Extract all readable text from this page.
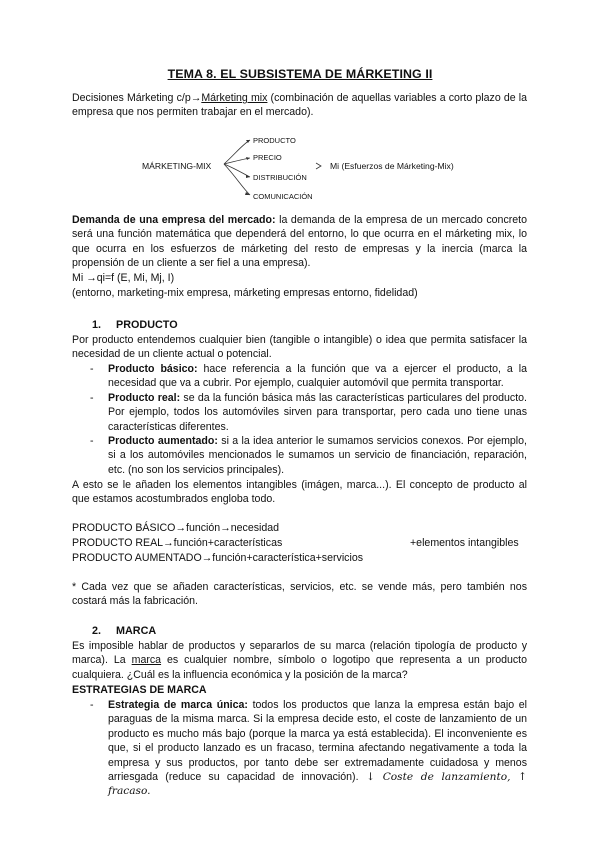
TEMA 8. EL SUBSISTEMA DE MÁRKETING II
Decisiones Márketing c/p→Márketing mix (combinación de aquellas variables a corto plazo de la empresa que nos permiten trabajar en el mercado).
MÁRKETING-MIX
PRODUCTO
PRECIO
DISTRIBUCIÓN
COMUNICACIÓN
Mi (Esfuerzos de Márketing-Mix)
Demanda de una empresa del mercado: la demanda de la empresa de un mercado concreto será una función matemática que dependerá del entorno, lo que ocurra en el márketing mix, lo que ocurra en los esfuerzos de márketing del resto de empresas y la inercia (marca la propensión de un cliente a ser fiel a una empresa).
Mi →qi=f (E, Mi, Mj, I)
(entorno, marketing-mix empresa, márketing empresas entorno, fidelidad)
1. PRODUCTO
Por producto entendemos cualquier bien (tangible o intangible) o idea que permita satisfacer la necesidad de un cliente actual o potencial.
- Producto básico: hace referencia a la función que va a ejercer el producto, a la necesidad que va a cubrir. Por ejemplo, cualquier automóvil que permita transportar.
- Producto real: se da la función básica más las características particulares del producto. Por ejemplo, todos los automóviles sirven para transportar, pero cada uno tiene unas características diferentes.
- Producto aumentado: si a la idea anterior le sumamos servicios conexos. Por ejemplo, si a los automóviles mencionados le sumamos un servicio de financiación, reparación, etc. (no son los servicios principales).
A esto se le añaden los elementos intangibles (imágen, marca...). El concepto de producto al que estamos acostumbrados engloba todo.
PRODUCTO BÁSICO→función→necesidad
PRODUCTO REAL→función+características
PRODUCTO AUMENTADO→función+característica+servicios
+elementos intangibles
* Cada vez que se añaden características, servicios, etc. se vende más, pero también nos costará más la fabricación.
2. MARCA
Es imposible hablar de productos y separarlos de su marca (relación tipología de producto y marca). La marca es cualquier nombre, símbolo o logotipo que representa a un producto cualquiera. ¿Cuál es la influencia económica y la posición de la marca?
ESTRATEGIAS DE MARCA
- Estrategia de marca única: todos los productos que lanza la empresa están bajo el paraguas de la misma marca. Si la empresa decide esto, el coste de lanzamiento de un producto es mucho más bajo (porque la marca ya está establecida). El inconveniente es que, si el producto lanzado es un fracaso, termina afectando negativamente a toda la empresa y sus productos, por tanto debe ser extremadamente cuidadosa y menos arriesgada (reduce su capacidad de innovación). ↓ Coste de lanzamiento, ↑ fracaso.
